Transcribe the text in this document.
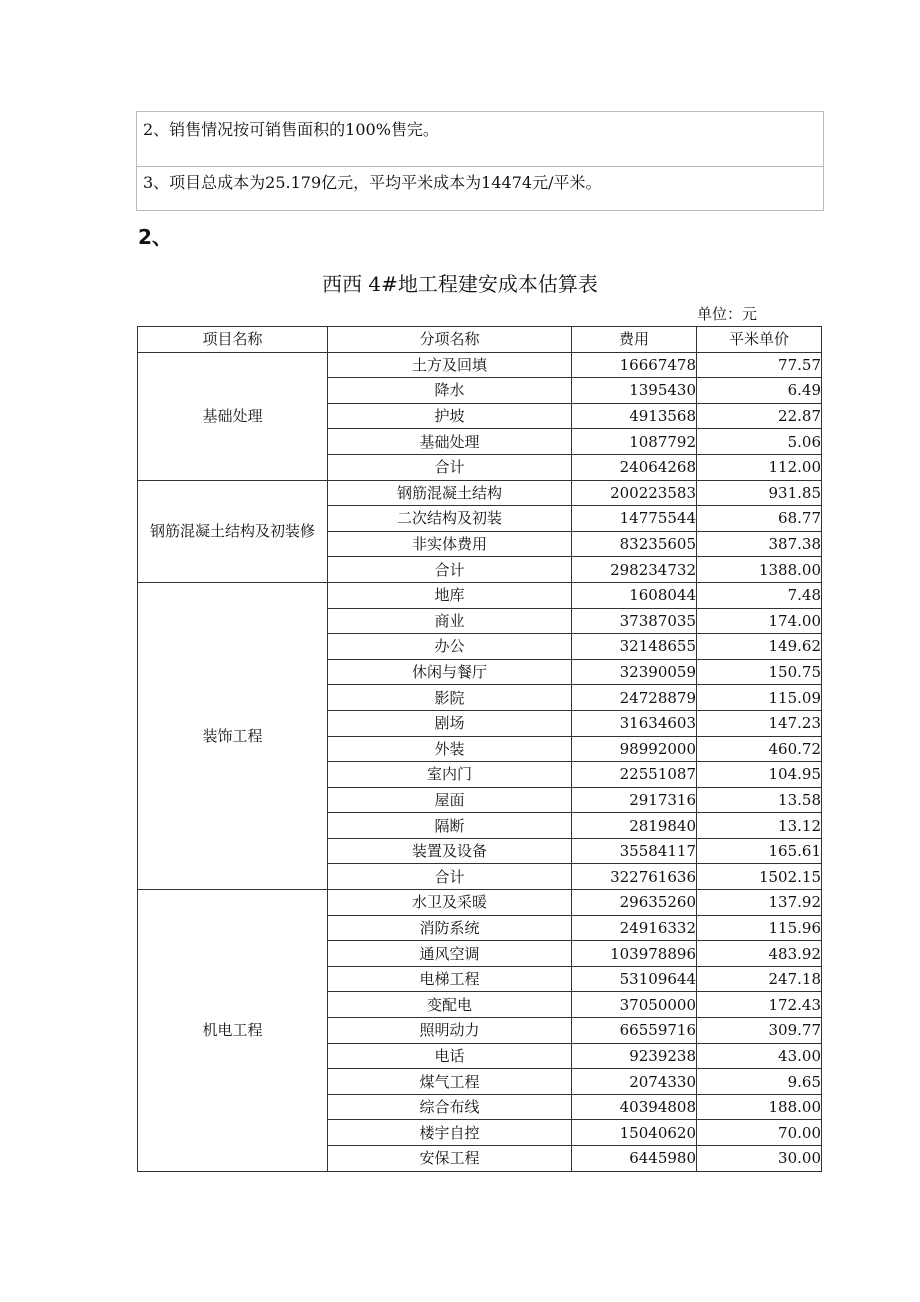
2、销售情况按可销售面积的100%售完。
3、项目总成本为25.179亿元，平均平米成本为14474元/平米。
2、
西西 4#地工程建安成本估算表
单位：元
项目名称	分项名称	费用	平米单价
基础处理	土方及回填	16667478	77.57
	降水	1395430	6.49
	护坡	4913568	22.87
	基础处理	1087792	5.06
	合计	24064268	112.00
钢筋混凝土结构及初装修	钢筋混凝土结构	200223583	931.85
	二次结构及初装	14775544	68.77
	非实体费用	83235605	387.38
	合计	298234732	1388.00
装饰工程	地库	1608044	7.48
	商业	37387035	174.00
	办公	32148655	149.62
	休闲与餐厅	32390059	150.75
	影院	24728879	115.09
	剧场	31634603	147.23
	外装	98992000	460.72
	室内门	22551087	104.95
	屋面	2917316	13.58
	隔断	2819840	13.12
	装置及设备	35584117	165.61
	合计	322761636	1502.15
机电工程	水卫及采暖	29635260	137.92
	消防系统	24916332	115.96
	通风空调	103978896	483.92
	电梯工程	53109644	247.18
	变配电	37050000	172.43
	照明动力	66559716	309.77
	电话	9239238	43.00
	煤气工程	2074330	9.65
	综合布线	40394808	188.00
	楼宇自控	15040620	70.00
	安保工程	6445980	30.00
